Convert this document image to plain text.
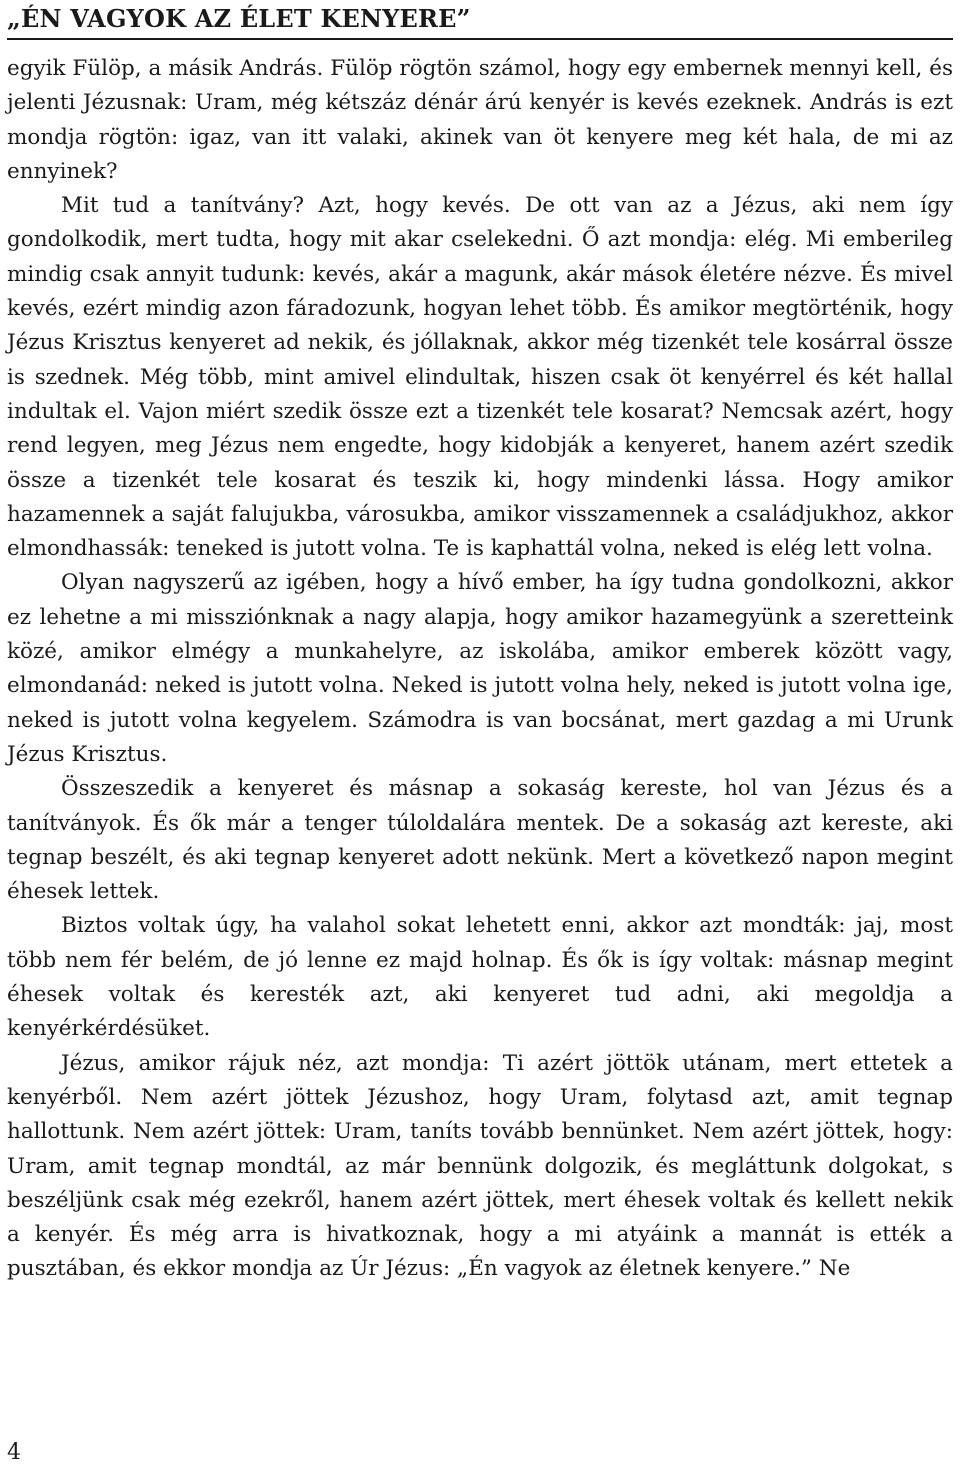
„ÉN VAGYOK AZ ÉLET KENYERE”

egyik Fülöp, a másik András. Fülöp rögtön számol, hogy egy embernek mennyi kell, és jelenti Jézusnak: Uram, még kétszáz dénár árú kenyér is kevés ezeknek. András is ezt mondja rögtön: igaz, van itt valaki, akinek van öt kenyere meg két hala, de mi az ennyinek?

Mit tud a tanítvány? Azt, hogy kevés. De ott van az a Jézus, aki nem így gondolkodik, mert tudta, hogy mit akar cselekedni. Ő azt mondja: elég. Mi emberileg mindig csak annyit tudunk: kevés, akár a magunk, akár mások életére nézve. És mivel kevés, ezért mindig azon fáradozunk, hogyan lehet több. És amikor megtörténik, hogy Jézus Krisztus kenyeret ad nekik, és jóllaknak, akkor még tizenkét tele kosárral össze is szednek. Még több, mint amivel elindultak, hiszen csak öt kenyérrel és két hallal indultak el. Vajon miért szedik össze ezt a tizenkét tele kosarat? Nemcsak azért, hogy rend legyen, meg Jézus nem engedte, hogy kidobják a kenyeret, hanem azért szedik össze a tizenkét tele kosarat és teszik ki, hogy mindenki lássa. Hogy amikor hazamennek a saját falujukba, városukba, amikor visszamennek a családjukhoz, akkor elmondhassák: teneked is jutott volna. Te is kaphattál volna, neked is elég lett volna.

Olyan nagyszerű az igében, hogy a hívő ember, ha így tudna gondolkozni, akkor ez lehetne a mi missziónknak a nagy alapja, hogy amikor hazamegyünk a szeretteink közé, amikor elmégy a munkahelyre, az iskolába, amikor emberek között vagy, elmondanád: neked is jutott volna. Neked is jutott volna hely, neked is jutott volna ige, neked is jutott volna kegyelem. Számodra is van bocsánat, mert gazdag a mi Urunk Jézus Krisztus.

Összeszedik a kenyeret és másnap a sokaság kereste, hol van Jézus és a tanítványok. És ők már a tenger túloldalára mentek. De a sokaság azt kereste, aki tegnap beszélt, és aki tegnap kenyeret adott nekünk. Mert a következő napon megint éhesek lettek.

Biztos voltak úgy, ha valahol sokat lehetett enni, akkor azt mondták: jaj, most több nem fér belém, de jó lenne ez majd holnap. És ők is így voltak: másnap megint éhesek voltak és keresték azt, aki kenyeret tud adni, aki megoldja a kenyérkérdésüket.

Jézus, amikor rájuk néz, azt mondja: Ti azért jöttök utánam, mert ettetek a kenyérből. Nem azért jöttek Jézushoz, hogy Uram, folytasd azt, amit tegnap hallottunk. Nem azért jöttek: Uram, taníts tovább bennünket. Nem azért jöttek, hogy: Uram, amit tegnap mondtál, az már bennünk dolgozik, és megláttunk dolgokat, s beszéljünk csak még ezekről, hanem azért jöttek, mert éhesek voltak és kellett nekik a kenyér. És még arra is hivatkoznak, hogy a mi atyáink a mannát is ették a pusztában, és ekkor mondja az Úr Jézus: „Én vagyok az életnek kenyere.” Ne

4
